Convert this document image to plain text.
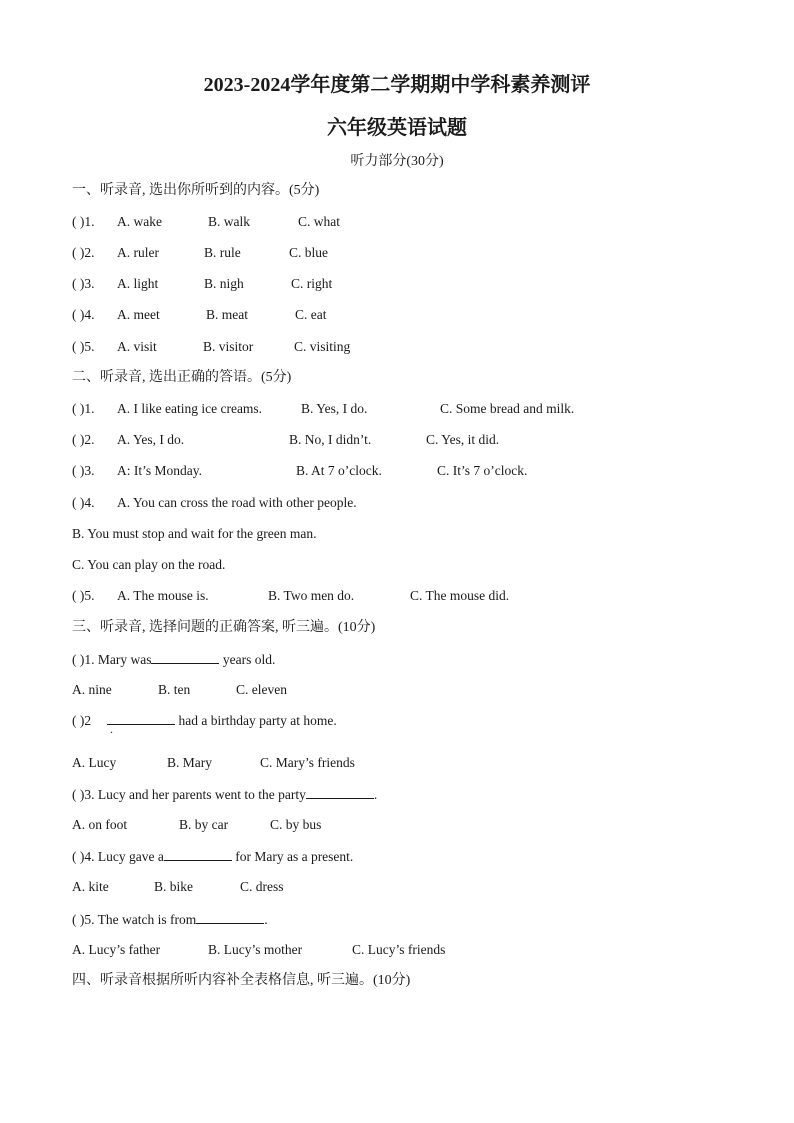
2023-2024学年度第二学期期中学科素养测评
六年级英语试题
听力部分(30分)
一、听录音, 选出你所听到的内容。(5分)
( )1. A. wake	B. walk	C. what
( )2. A. ruler	B. rule	C. blue
( )3. A. light	B. nigh	C. right
( )4. A. meet	B. meat	C. eat
( )5. A. visit	B. visitor	C. visiting
二、听录音, 选出正确的答语。(5分)
( )1. A. I like eating ice creams.	B. Yes, I do.	C. Some bread and milk.
( )2. A. Yes, I do.	B. No, I didn’t.	C. Yes, it did.
( )3. A: It’s Monday.	B. At 7 o’clock.	C. It’s 7 o’clock.
( )4. A. You can cross the road with other people.
B. You must stop and wait for the green man.
C. You can play on the road.
( )5. A. The mouse is.	B. Two men do.	C. The mouse did.
三、听录音, 选择问题的正确答案, 听三遍。(10分)
( )1. Mary was	years old.
A. nine	B. ten	C. eleven
( )2	had a birthday party at home.
.
A. Lucy	B. Mary	C. Mary’s friends
( )3. Lucy and her parents went to the party	.
A. on foot	B. by car	C. by bus
( )4. Lucy gave a	for Mary as a present.
A. kite	B. bike	C. dress
( )5. The watch is from	.
A. Lucy’s father	B. Lucy’s mother	C. Lucy’s friends
四、听录音根据所听内容补全表格信息, 听三遍。(10分)
